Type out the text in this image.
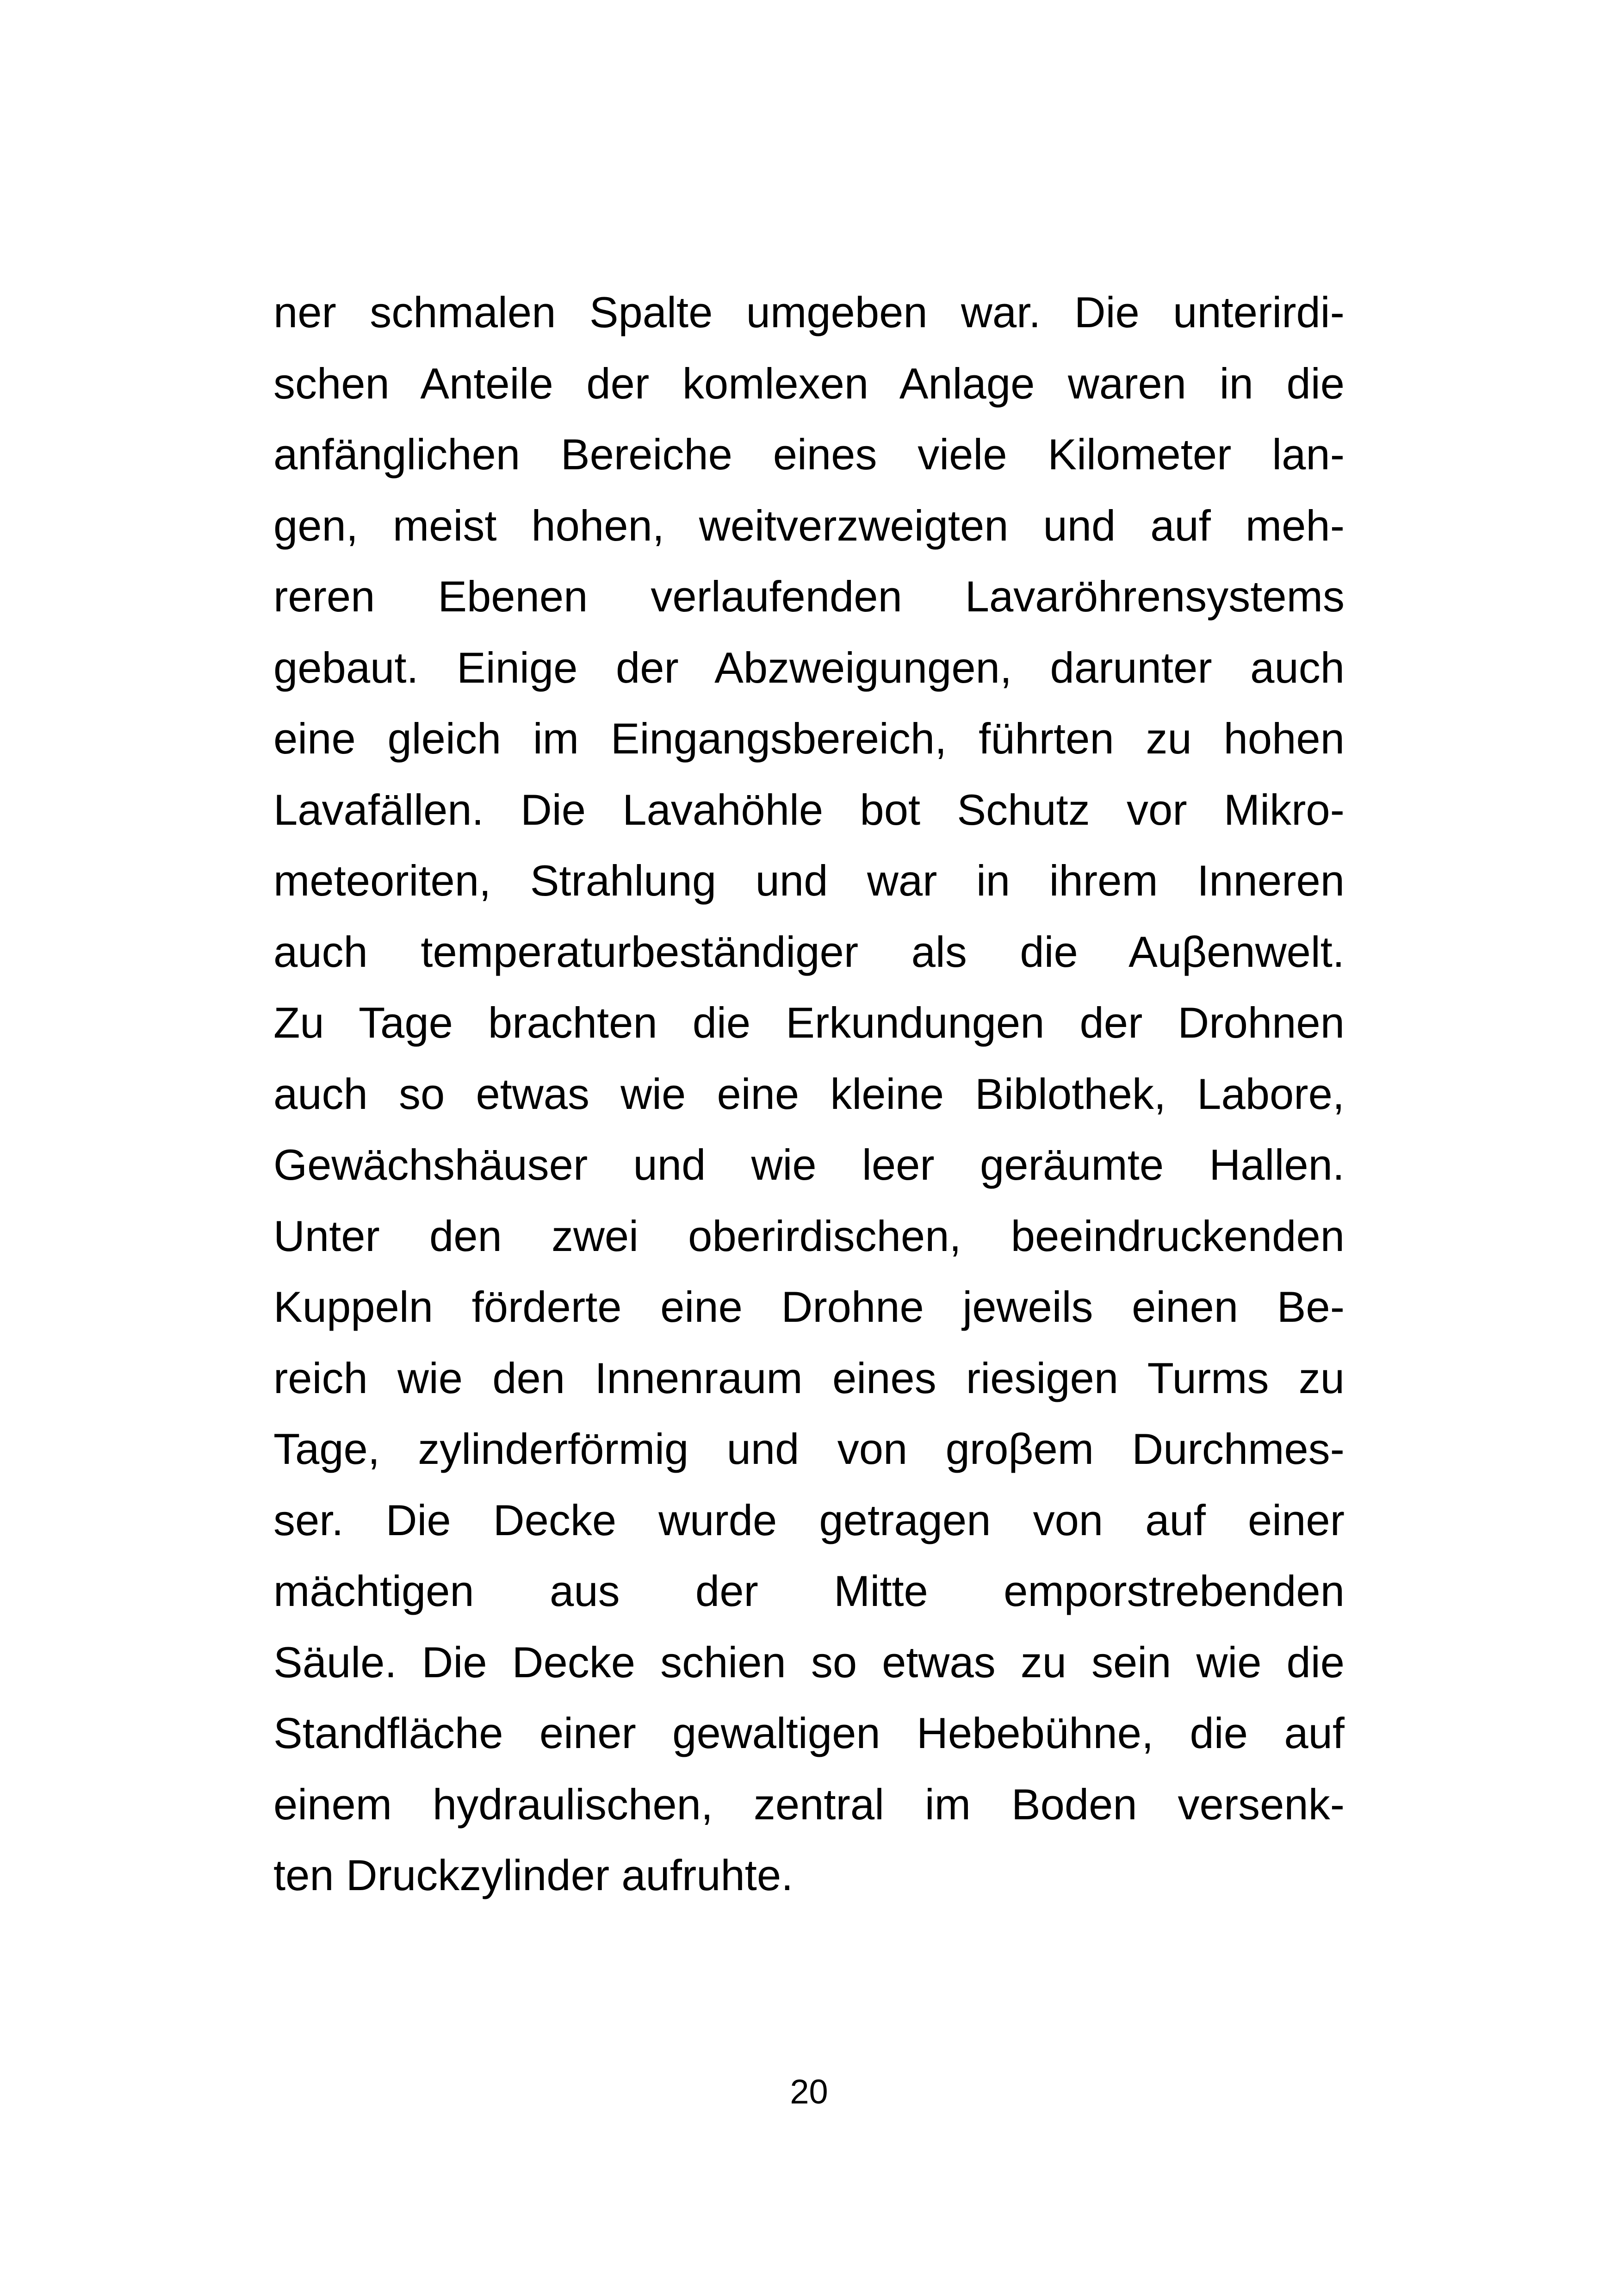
ner schmalen Spalte umgeben war. Die unterirdi-
schen Anteile der komlexen Anlage waren in die
anfänglichen Bereiche eines viele Kilometer lan-
gen, meist hohen, weitverzweigten und auf meh-
reren Ebenen verlaufenden Lavaröhrensystems
gebaut. Einige der Abzweigungen, darunter auch
eine gleich im Eingangsbereich, führten zu hohen
Lavafällen. Die Lavahöhle bot Schutz vor Mikro-
meteoriten, Strahlung und war in ihrem Inneren
auch temperaturbeständiger als die Auβenwelt.
Zu Tage brachten die Erkundungen der Drohnen
auch so etwas wie eine kleine Biblothek, Labore,
Gewächshäuser und wie leer geräumte Hallen.
Unter den zwei oberirdischen, beeindruckenden
Kuppeln förderte eine Drohne jeweils einen Be-
reich wie den Innenraum eines riesigen Turms zu
Tage, zylinderförmig und von groβem Durchmes-
ser. Die Decke wurde getragen von auf einer
mächtigen aus der Mitte emporstrebenden
Säule. Die Decke schien so etwas zu sein wie die
Standfläche einer gewaltigen Hebebühne, die auf
einem hydraulischen, zentral im Boden versenk-
ten Druckzylinder aufruhte.
20
